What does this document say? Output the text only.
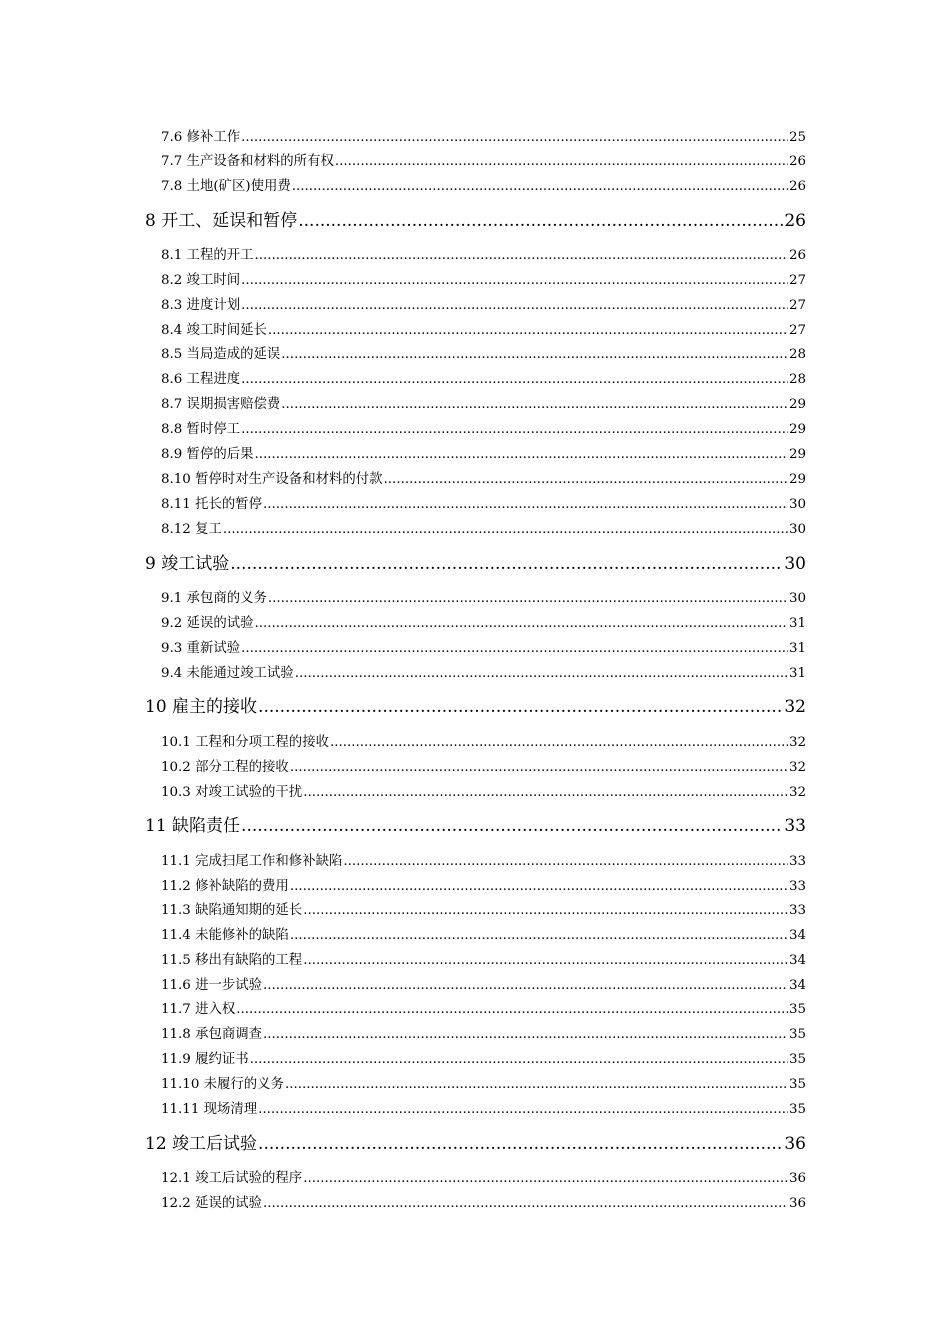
7.6 修补工作 .....	25
7.7 生产设备和材料的所有权 .....	26
7.8 土地(矿区)使用费 .....	26
8 开工、延误和暂停 .....	26
8.1 工程的开工 .....	26
8.2 竣工时间 .....	27
8.3 进度计划 .....	27
8.4 竣工时间延长 .....	27
8.5 当局造成的延误 .....	28
8.6 工程进度 .....	28
8.7 误期损害赔偿费 .....	29
8.8 暂时停工 .....	29
8.9 暂停的后果 .....	29
8.10 暂停时对生产设备和材料的付款 .....	29
8.11 托长的暂停 .....	30
8.12 复工 .....	30
9 竣工试验 .....	30
9.1 承包商的义务 .....	30
9.2 延误的试验 .....	31
9.3 重新试验 .....	31
9.4 未能通过竣工试验 .....	31
10 雇主的接收 .....	32
10.1 工程和分项工程的接收 .....	32
10.2 部分工程的接收 .....	32
10.3 对竣工试验的干扰 .....	32
11 缺陷责任 .....	33
11.1 完成扫尾工作和修补缺陷 .....	33
11.2 修补缺陷的费用 .....	33
11.3 缺陷通知期的延长 .....	33
11.4 未能修补的缺陷 .....	34
11.5 移出有缺陷的工程 .....	34
11.6 进一步试验 .....	34
11.7 进入权 .....	35
11.8 承包商调查 .....	35
11.9 履约证书 .....	35
11.10 未履行的义务 .....	35
11.11 现场清理 .....	35
12 竣工后试验 .....	36
12.1 竣工后试验的程序 .....	36
12.2 延误的试验 .....	36
